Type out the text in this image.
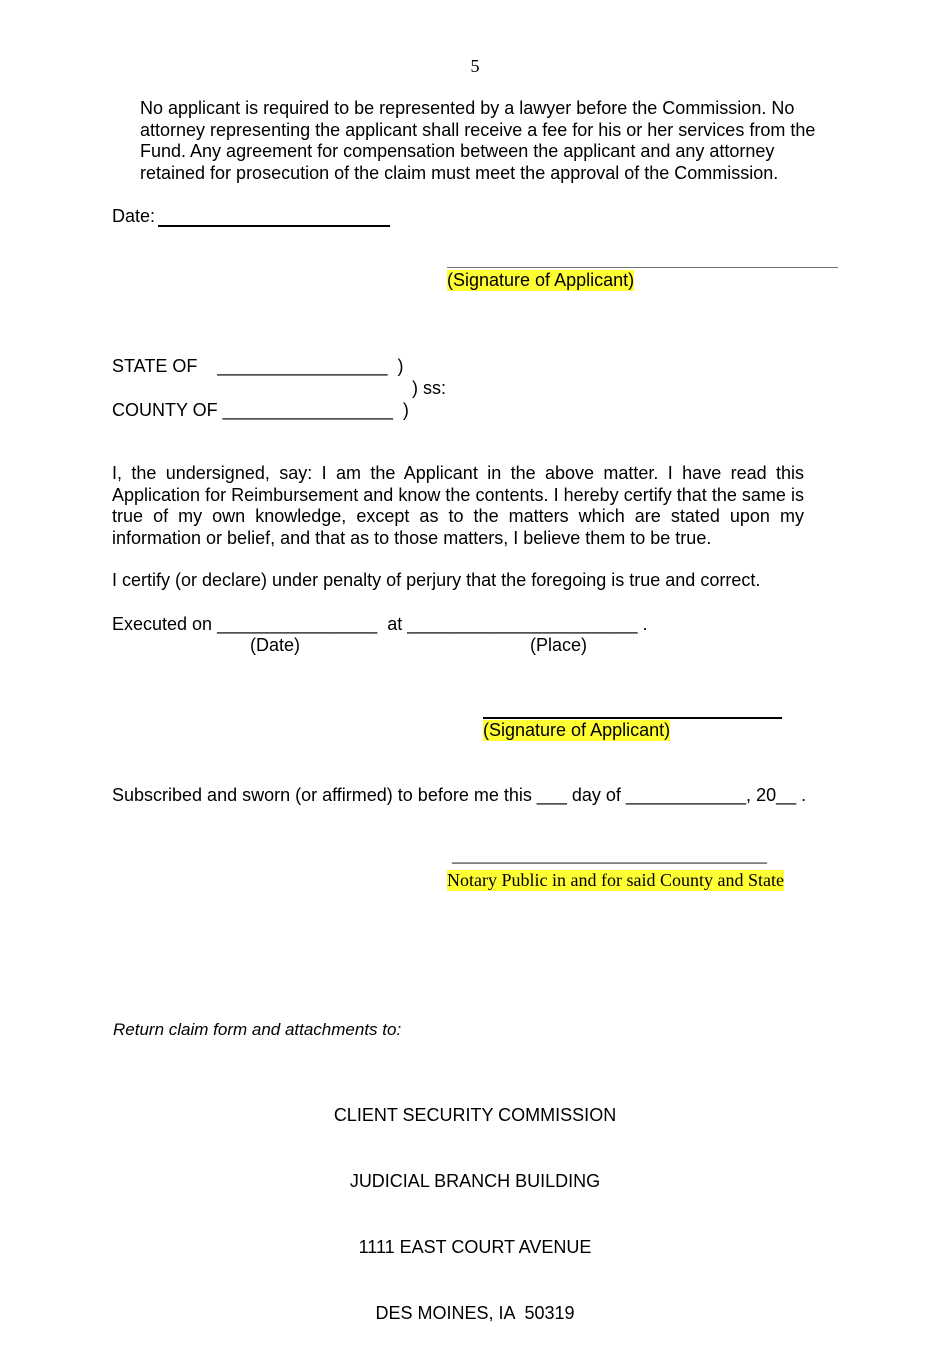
5
No applicant is required to be represented by a lawyer before the Commission. No attorney representing the applicant shall receive a fee for his or her services from the Fund. Any agreement for compensation between the applicant and any attorney retained for prosecution of the claim must meet the approval of the Commission.
Date:
(Signature of Applicant)
STATE OF    _________________  )
) ss:
COUNTY OF _________________  )
I, the undersigned, say: I am the Applicant in the above matter. I have read this Application for Reimbursement and know the contents. I hereby certify that the same is true of my own knowledge, except as to the matters which are stated upon my information or belief, and that as to those matters, I believe them to be true.
I certify (or declare) under penalty of perjury that the foregoing is true and correct.
Executed on ________________  at _______________________ .
(Date)	(Place)
(Signature of Applicant)
Subscribed and sworn (or affirmed) to before me this ___ day of ____________, 20__ .
___________________________________
Notary Public in and for said County and State
Return claim form and attachments to:

CLIENT SECURITY COMMISSION

JUDICIAL BRANCH BUILDING

1111 EAST COURT AVENUE

DES MOINES, IA  50319
